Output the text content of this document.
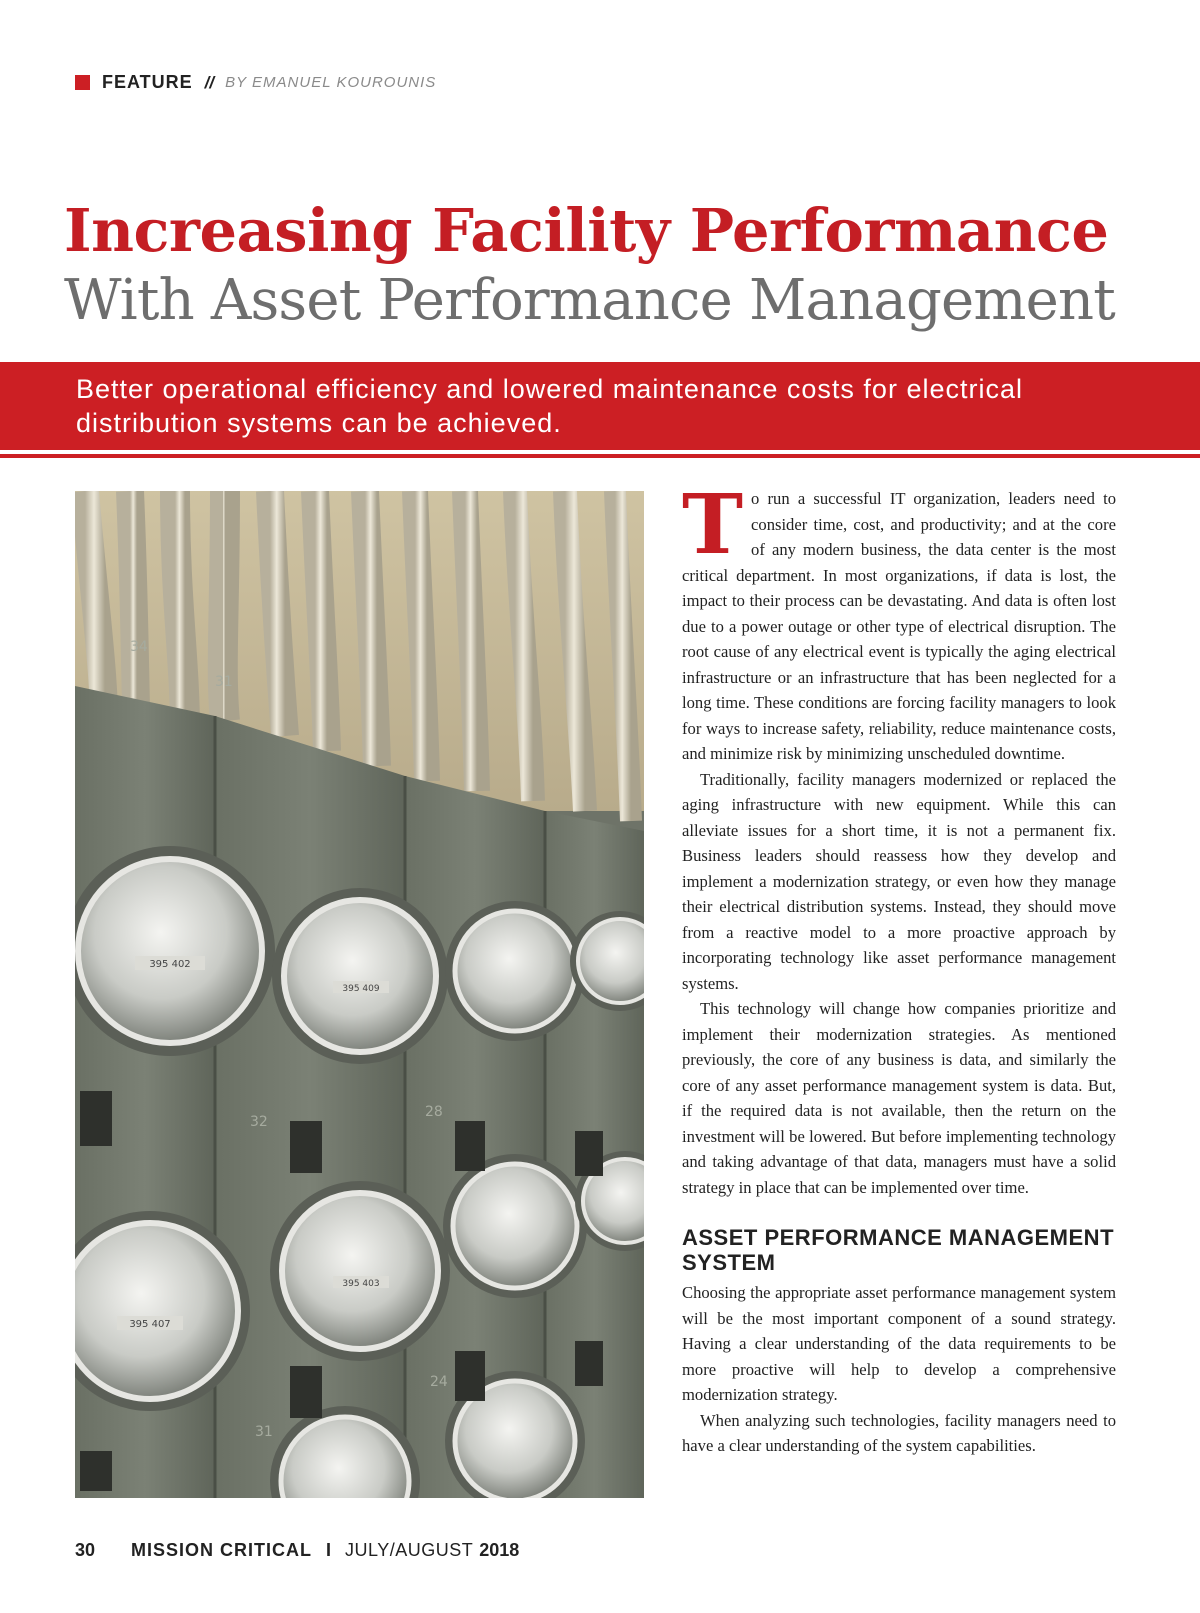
FEATURE // BY EMANUEL KOUROUNIS
Increasing Facility Performance
With Asset Performance Management
Better operational efficiency and lowered maintenance costs for electrical distribution systems can be achieved.
395 402
395 409
395 407
395 403
34
31
32
28
24
31

To run a successful IT organization, leaders need to consider time, cost, and productivity; and at the core of any modern business, the data center is the most critical department. In most organizations, if data is lost, the impact to their process can be devastating. And data is often lost due to a power outage or other type of electrical disruption. The root cause of any electrical event is typically the aging electrical infrastructure or an infrastructure that has been neglected for a long time. These conditions are forcing facility managers to look for ways to increase safety, reliability, reduce maintenance costs, and minimize risk by minimizing unscheduled downtime.

Traditionally, facility managers modernized or replaced the aging infrastructure with new equipment. While this can alleviate issues for a short time, it is not a permanent fix. Business leaders should reassess how they develop and implement a modernization strategy, or even how they manage their electrical distribution systems. Instead, they should move from a reactive model to a more proactive approach by incorporating technology like asset performance management systems.

This technology will change how companies prioritize and implement their modernization strategies. As mentioned previously, the core of any business is data, and similarly the core of any asset performance management system is data. But, if the required data is not available, then the return on the investment will be lowered. But before implementing technology and taking advantage of that data, managers must have a solid strategy in place that can be implemented over time.

ASSET PERFORMANCE MANAGEMENT SYSTEM

Choosing the appropriate asset performance management system will be the most important component of a sound strategy. Having a clear understanding of the data requirements to be more proactive will help to develop a comprehensive modernization strategy.

When analyzing such technologies, facility managers need to have a clear understanding of the system capabilities.

30 MISSION CRITICAL I JULY/AUGUST 2018
